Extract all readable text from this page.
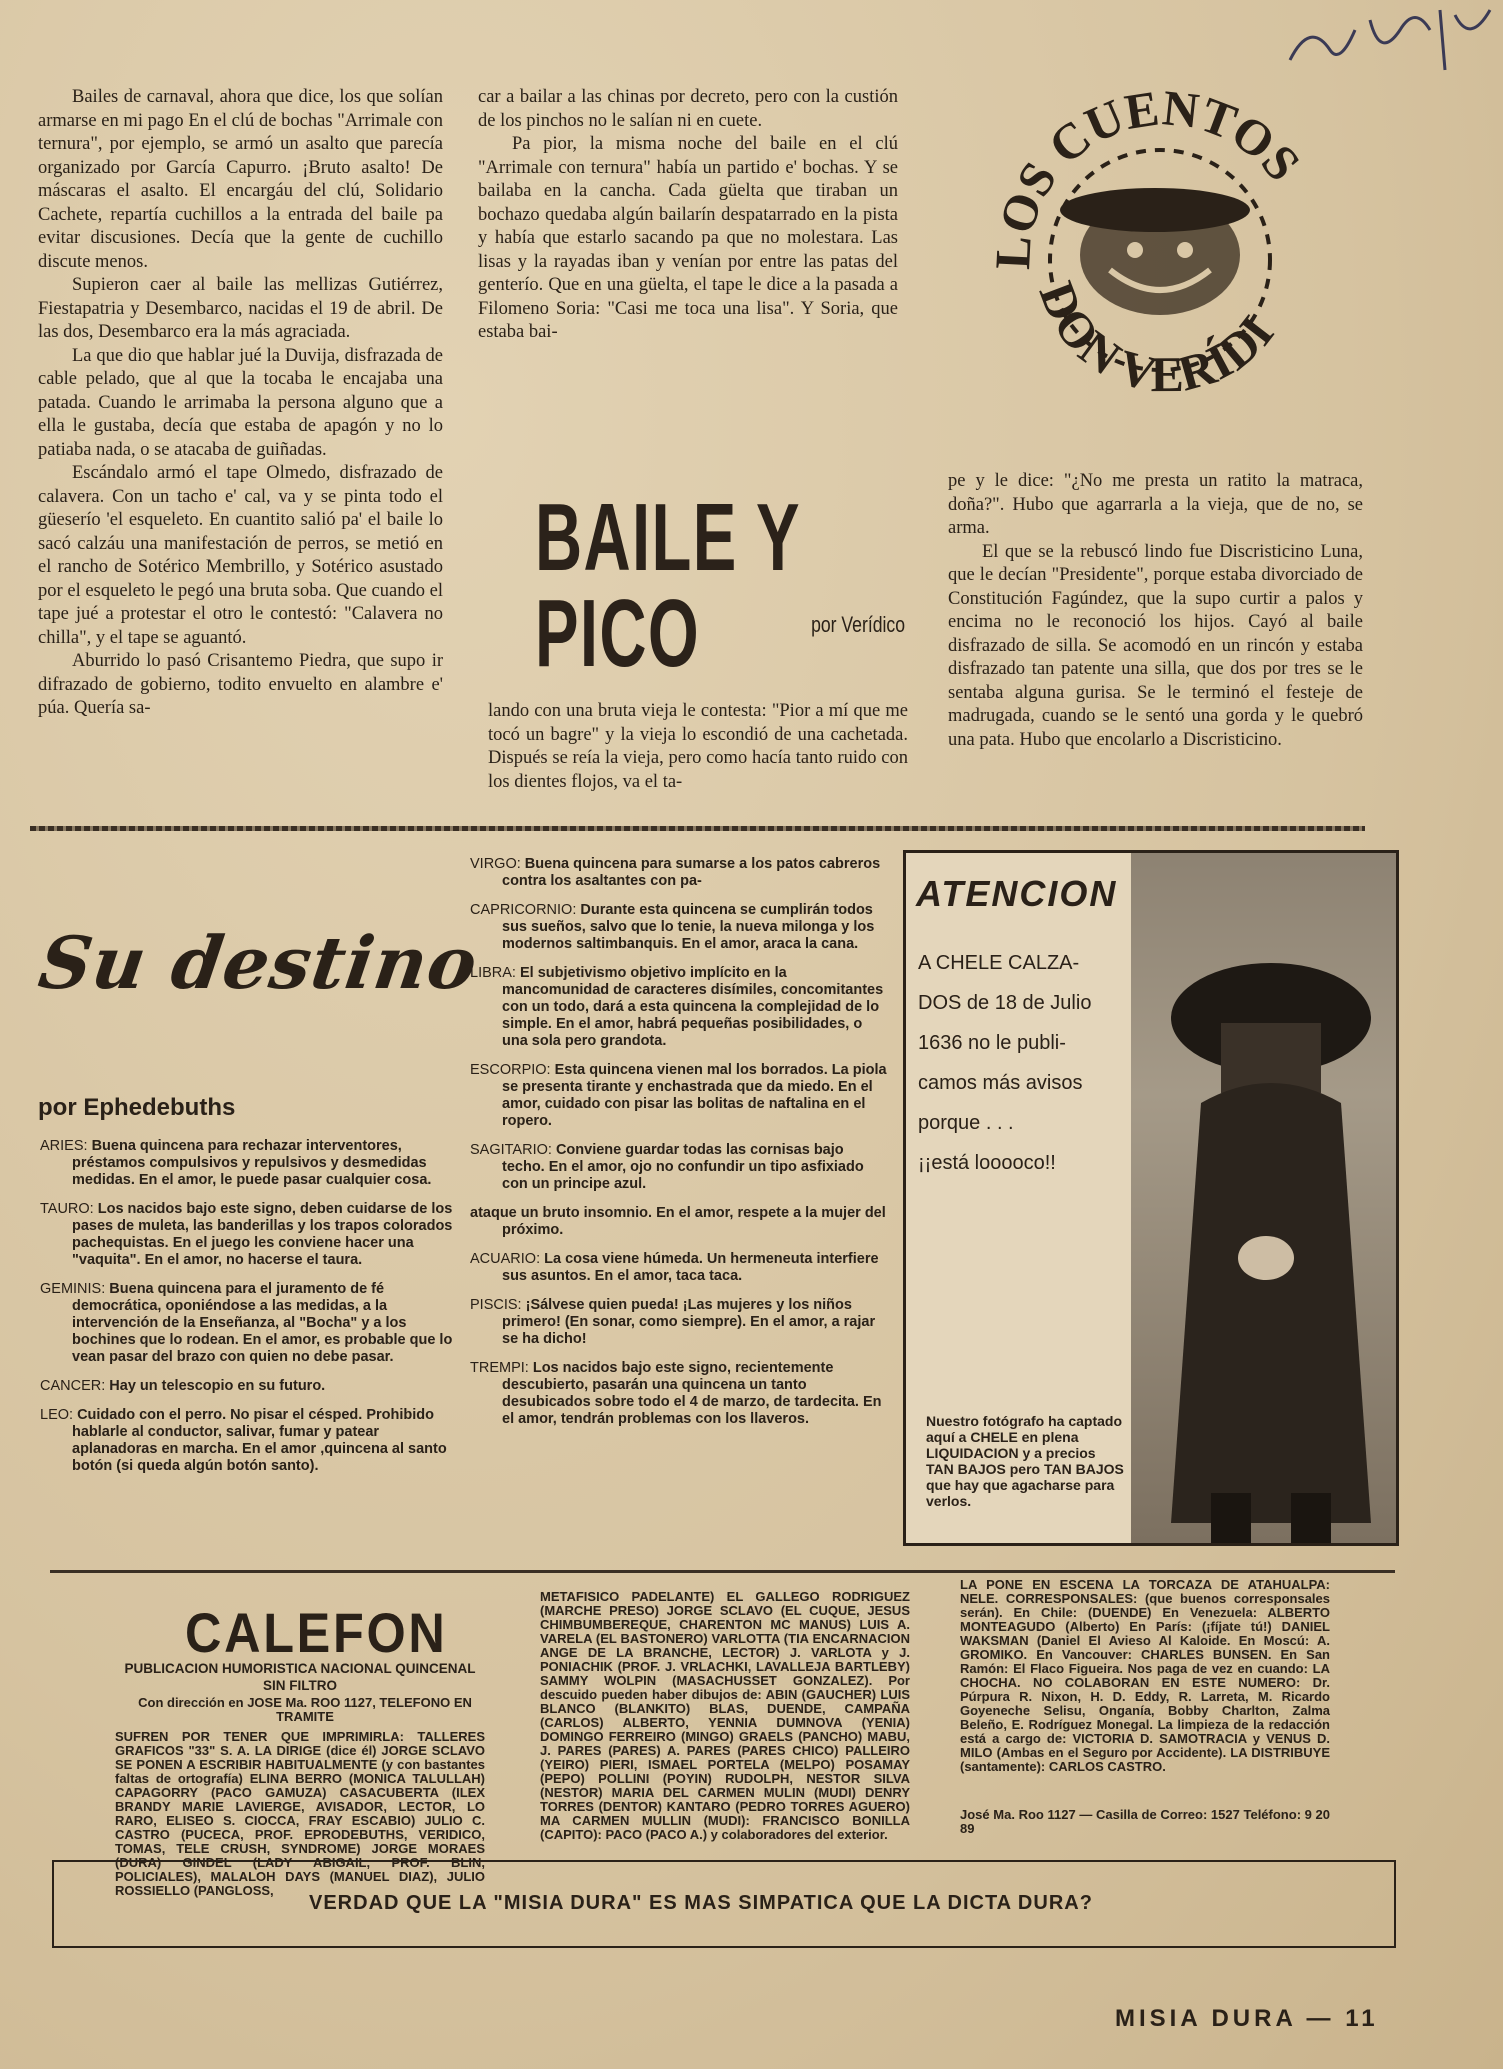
LOS CUENTOS
DON VERÍDI

Bailes de carnaval, ahora que dice, los que solían armarse en mi pago En el clú de bochas "Arrimale con ternura", por ejemplo, se armó un asalto que parecía organizado por García Capurro. ¡Bruto asalto! De máscaras el asalto. El encargáu del clú, Solidario Cachete, repartía cuchillos a la entrada del baile pa evitar discusiones. Decía que la gente de cuchillo discute menos.

Supieron caer al baile las mellizas Gutiérrez, Fiestapatria y Desembarco, nacidas el 19 de abril. De las dos, Desembarco era la más agraciada.

La que dio que hablar jué la Duvija, disfrazada de cable pelado, que al que la tocaba le encajaba una patada. Cuando le arrimaba la persona alguno que a ella le gustaba, decía que estaba de apagón y no lo patiaba nada, o se atacaba de guiñadas.

Escándalo armó el tape Olmedo, disfrazado de calavera. Con un tacho e' cal, va y se pinta todo el güeserío 'el esqueleto. En cuantito salió pa' el baile lo sacó calzáu una manifestación de perros, se metió en el rancho de Sotérico Membrillo, y Sotérico asustado por el esqueleto le pegó una bruta soba. Que cuando el tape jué a protestar el otro le contestó: "Calavera no chilla", y el tape se aguantó.

Aburrido lo pasó Crisantemo Piedra, que supo ir difrazado de gobierno, todito envuelto en alambre e' púa. Quería sa-

car a bailar a las chinas por decreto, pero con la custión de los pinchos no le salían ni en cuete.

Pa pior, la misma noche del baile en el clú "Arrimale con ternura" había un partido e' bochas. Y se bailaba en la cancha. Cada güelta que tiraban un bochazo quedaba algún bailarín despatarrado en la pista y había que estarlo sacando pa que no molestara. Las lisas y la rayadas iban y venían por entre las patas del genterío. Que en una güelta, el tape le dice a la pasada a Filomeno Soria: "Casi me toca una lisa". Y Soria, que estaba bai-

BAILE Y PICO	por Verídico

lando con una bruta vieja le contesta: "Pior a mí que me tocó un bagre" y la vieja lo escondió de una cachetada. Dispués se reía la vieja, pero como hacía tanto ruido con los dientes flojos, va el ta-

pe y le dice: "¿No me presta un ratito la matraca, doña?". Hubo que agarrarla a la vieja, que de no, se arma.

El que se la rebuscó lindo fue Discristicino Luna, que le decían "Presidente", porque estaba divorciado de Constitución Fagúndez, que la supo curtir a palos y encima no le reconoció los hijos. Cayó al baile disfrazado de silla. Se acomodó en un rincón y estaba disfrazado tan patente una silla, que dos por tres se le sentaba alguna gurisa. Se le terminó el festeje de madrugada, cuando se le sentó una gorda y le quebró una pata. Hubo que encolarlo a Discristicino.

Su destino
por Ephedebuths
ARIES: Buena quincena para rechazar interventores, préstamos compulsivos y repulsivos y desmedidas medidas. En el amor, le puede pasar cualquier cosa.
TAURO: Los nacidos bajo este signo, deben cuidarse de los pases de muleta, las banderillas y los trapos colorados pachequistas. En el juego les conviene hacer una "vaquita". En el amor, no hacerse el taura.
GEMINIS: Buena quincena para el juramento de fé democrática, oponiéndose a las medidas, a la intervención de la Enseñanza, al "Bocha" y a los bochines que lo rodean. En el amor, es probable que lo vean pasar del brazo con quien no debe pasar.
CANCER: Hay un telescopio en su futuro.
LEO: Cuidado con el perro. No pisar el césped. Prohibido hablarle al conductor, salivar, fumar y patear aplanadoras en marcha. En el amor ,quincena al santo botón (si queda algún botón santo).
VIRGO: Buena quincena para sumarse a los patos cabreros contra los asaltantes con pa-
CAPRICORNIO: Durante esta quincena se cumplirán todos sus sueños, salvo que lo tenie, la nueva milonga y los modernos saltimbanquis. En el amor, araca la cana.
LIBRA: El subjetivismo objetivo implícito en la mancomunidad de caracteres disímiles, concomitantes con un todo, dará a esta quincena la complejidad de lo simple. En el amor, habrá pequeñas posibilidades, o una sola pero grandota.
ESCORPIO: Esta quincena vienen mal los borrados. La piola se presenta tirante y enchastrada que da miedo. En el amor, cuidado con pisar las bolitas de naftalina en el ropero.
SAGITARIO: Conviene guardar todas las cornisas bajo techo. En el amor, ojo no confundir un tipo asfixiado con un principe azul.
ataque un bruto insomnio. En el amor, respete a la mujer del próximo.
ACUARIO: La cosa viene húmeda. Un hermeneuta interfiere sus asuntos. En el amor, taca taca.
PISCIS: ¡Sálvese quien pueda! ¡Las mujeres y los niños primero! (En sonar, como siempre). En el amor, a rajar se ha dicho!
TREMPI: Los nacidos bajo este signo, recientemente descubierto, pasarán una quincena un tanto desubicados sobre todo el 4 de marzo, de tardecita. En el amor, tendrán problemas con los llaveros.
ATENCION
A CHELE CALZA-
DOS de 18 de Julio
1636 no le publi-
camos más avisos
porque . . .
¡¡está looooco!!
Nuestro fotógrafo ha captado aquí a CHELE en plena LIQUIDACION y a precios TAN BAJOS pero TAN BAJOS que hay que agacharse para verlos.
CALEFON
PUBLICACION HUMORISTICA NACIONAL QUINCENAL SIN FILTRO
Con dirección en JOSE Ma. ROO 1127, TELEFONO EN TRAMITE
SUFREN POR TENER QUE IMPRIMIRLA: TALLERES GRAFICOS "33" S. A. LA DIRIGE (dice él) JORGE SCLAVO SE PONEN A ESCRIBIR HABITUALMENTE (y con bastantes faltas de ortografía) ELINA BERRO (MONICA TALULLAH) CAPAGORRY (PACO GAMUZA) CASACUBERTA (ILEX BRANDY MARIE LAVIERGE, AVISADOR, LECTOR, LO RARO, ELISEO S. CIOCCA, FRAY ESCABIO) JULIO C. CASTRO (PUCECA, PROF. EPRODEBUTHS, VERIDICO, TOMAS, TELE CRUSH, SYNDROME) JORGE MORAES (DURA) GINDEL (LADY ABIGAIL, PROF. BLIN, POLICIALES), MALALOH DAYS (MANUEL DIAZ), JULIO ROSSIELLO (PANGLOSS,
METAFISICO PADELANTE) EL GALLEGO RODRIGUEZ (MARCHE PRESO) JORGE SCLAVO (EL CUQUE, JESUS CHIMBUMBEREQUE, CHARENTON MC MANUS) LUIS A. VARELA (EL BASTONERO) VARLOTTA (TIA ENCARNACION ANGE DE LA BRANCHE, LECTOR) J. VARLOTA y J. PONIACHIK (PROF. J. VRLACHKI, LAVALLEJA BARTLEBY) SAMMY WOLPIN (MASACHUSSET GONZALEZ). Por descuido pueden haber dibujos de: ABIN (GAUCHER) LUIS BLANCO (BLANKITO) BLAS, DUENDE, CAMPAÑA (CARLOS) ALBERTO, YENNIA DUMNOVA (YENIA) DOMINGO FERREIRO (MINGO) GRAELS (PANCHO) MABU, J. PARES (PARES) A. PARES (PARES CHICO) PALLEIRO (YEIRO) PIERI, ISMAEL PORTELA (MELPO) POSAMAY (PEPO) POLLINI (POYIN) RUDOLPH, NESTOR SILVA (NESTOR) MARIA DEL CARMEN MULIN (MUDI) DENRY TORRES (DENTOR) KANTARO (PEDRO TORRES AGUERO) MA CARMEN MULLIN (MUDI): FRANCISCO BONILLA (CAPITO): PACO (PACO A.) y colaboradores del exterior.
LA PONE EN ESCENA LA TORCAZA DE ATAHUALPA: NELE. CORRESPONSALES: (que buenos corresponsales serán). En Chile: (DUENDE) En Venezuela: ALBERTO MONTEAGUDO (Alberto) En París: (¡fíjate tú!) DANIEL WAKSMAN (Daniel El Avieso Al Kaloide. En Moscú: A. GROMIKO. En Vancouver: CHARLES BUNSEN. En San Ramón: El Flaco Figueira. Nos paga de vez en cuando: LA CHOCHA. NO COLABORAN EN ESTE NUMERO: Dr. Púrpura R. Nixon, H. D. Eddy, R. Larreta, M. Ricardo Goyeneche Selisu, Onganía, Bobby Charlton, Zalma Beleño, E. Rodríguez Monegal. La limpieza de la redacción está a cargo de: VICTORIA D. SAMOTRACIA y VENUS D. MILO (Ambas en el Seguro por Accidente). LA DISTRIBUYE (santamente): CARLOS CASTRO.
José Ma. Roo 1127 — Casilla de Correo: 1527 Teléfono: 9 20 89
VERDAD QUE LA "MISIA DURA" ES MAS SIMPATICA QUE LA DICTA DURA?
MISIA DURA — 11
